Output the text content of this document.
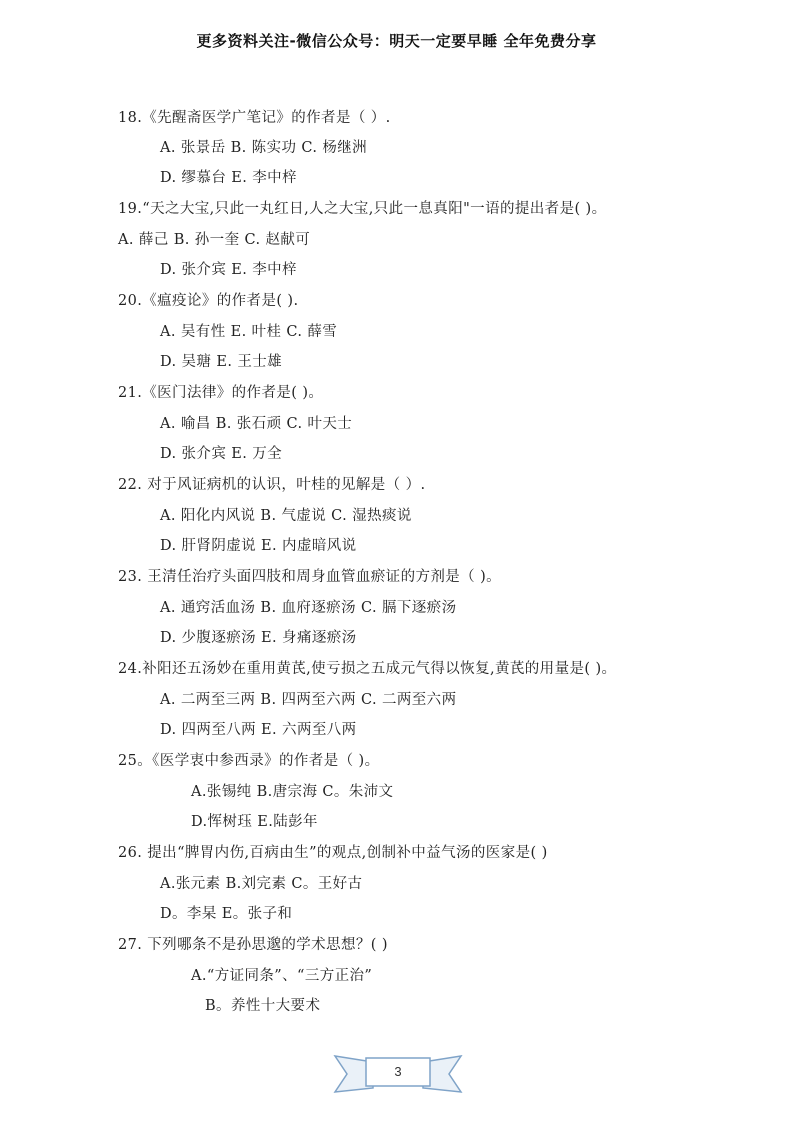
更多资料关注-微信公众号：明天一定要早睡 全年免费分享
18.《先醒斋医学广笔记》的作者是（ ）.
A. 张景岳 B. 陈实功 C. 杨继洲
D. 缪慕台 E. 李中梓
19.“天之大宝,只此一丸红日,人之大宝,只此一息真阳"一语的提出者是( )。
A. 薛己 B. 孙一奎 C. 赵献可
D. 张介宾 E. 李中梓
20.《瘟疫论》的作者是( ).
A. 吴有性 E. 叶桂 C. 薛雪
D. 吴瑭 E. 王士雄
21.《医门法律》的作者是( )。
A. 喻昌 B. 张石顽 C. 叶天士
D. 张介宾 E. 万全
22. 对于风证病机的认识，叶桂的见解是（ ）.
A. 阳化内风说 B. 气虚说 C. 湿热痰说
D. 肝肾阴虚说 E. 内虚暗风说
23. 王清任治疗头面四肢和周身血管血瘀证的方剂是（ )。
A. 通窍活血汤 B. 血府逐瘀汤 C. 膈下逐瘀汤
D. 少腹逐瘀汤 E. 身痛逐瘀汤
24.补阳还五汤妙在重用黄芪,使亏损之五成元气得以恢复,黄芪的用量是( )。
A. 二两至三两 B. 四两至六两 C. 二两至六两
D. 四两至八两 E. 六两至八两
25。《医学衷中参西录》的作者是（ )。
A.张锡纯 B.唐宗海 C。朱沛文
D.恽树珏 E.陆彭年
26. 提出“脾胃内伤,百病由生”的观点,创制补中益气汤的医家是( )
A.张元素 B.刘完素 C。王好古
D。李杲 E。张子和
27. 下列哪条不是孙思邈的学术思想？( )
A.“方证同条”、“三方正治”
B。养性十大要术
3
